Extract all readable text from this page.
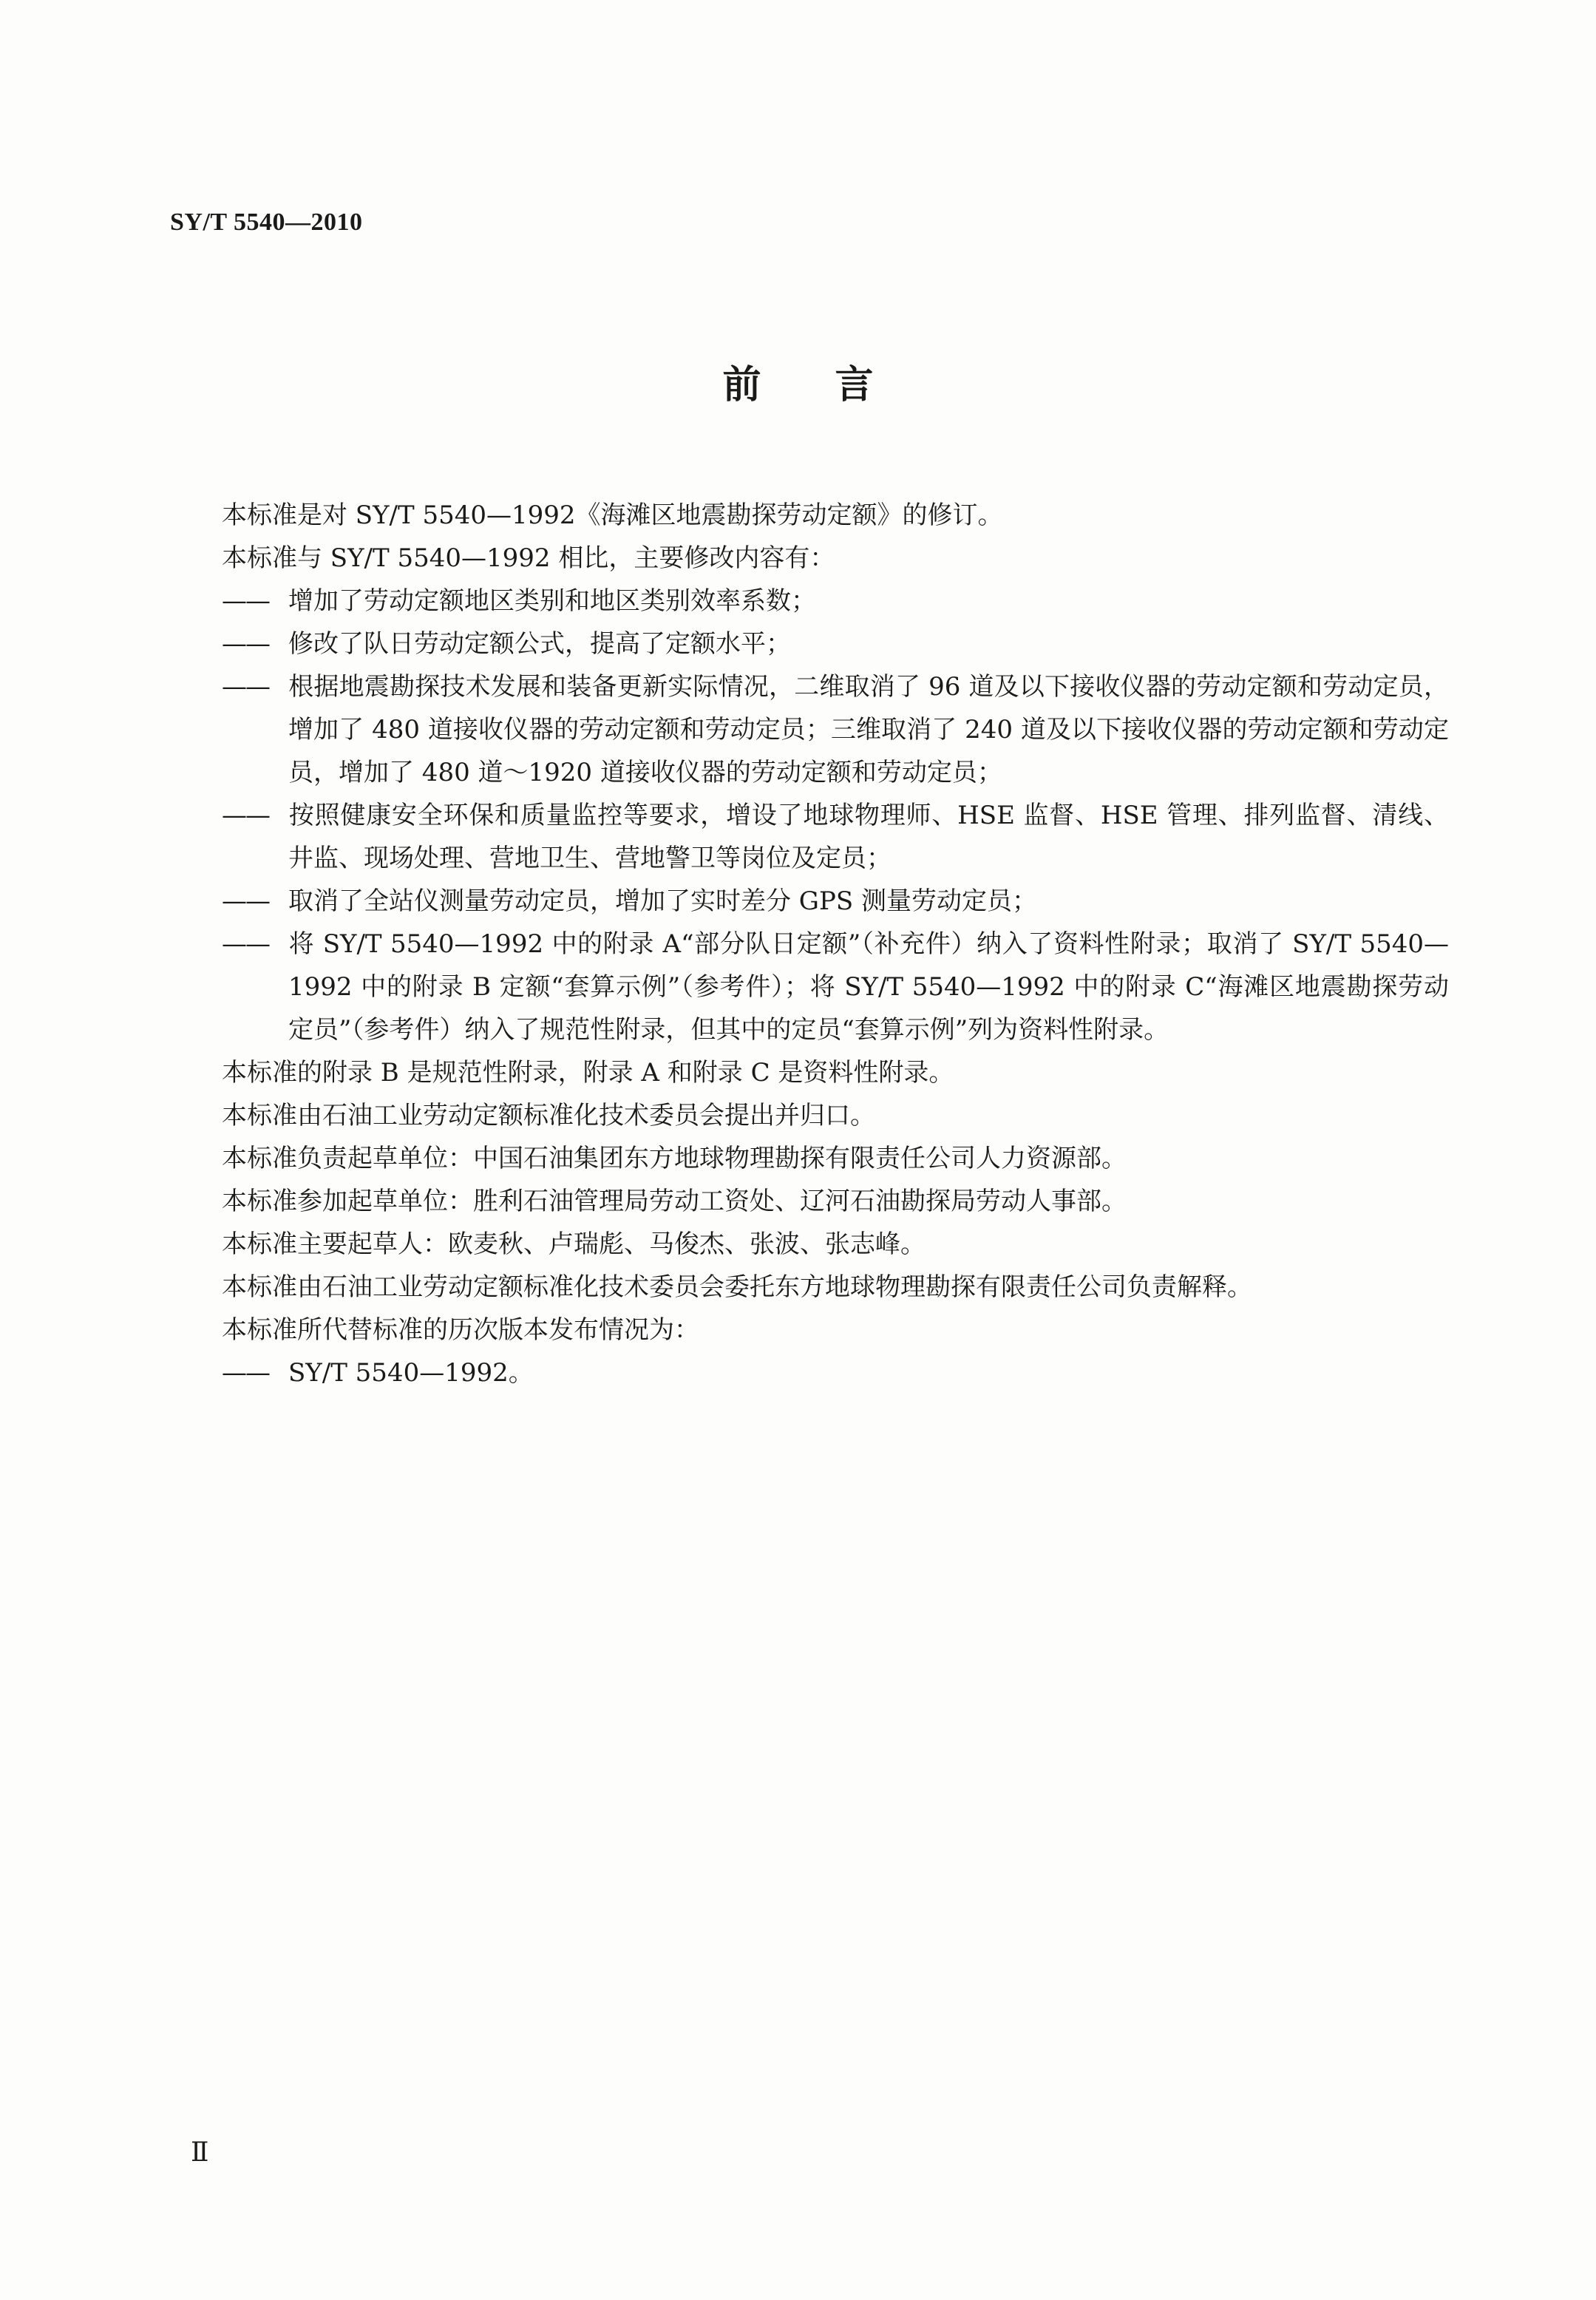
SY/T 5540—2010
前言

本标准是对 SY/T 5540—1992《海滩区地震勘探劳动定额》的修订。

本标准与 SY/T 5540—1992 相比，主要修改内容有：

—— 增加了劳动定额地区类别和地区类别效率系数；

—— 修改了队日劳动定额公式，提高了定额水平；

—— 根据地震勘探技术发展和装备更新实际情况，二维取消了 96 道及以下接收仪器的劳动定额和劳动定员，增加了 480 道接收仪器的劳动定额和劳动定员；三维取消了 240 道及以下接收仪器的劳动定额和劳动定员，增加了 480 道～1920 道接收仪器的劳动定额和劳动定员；

—— 按照健康安全环保和质量监控等要求，增设了地球物理师、HSE 监督、HSE 管理、排列监督、清线、井监、现场处理、营地卫生、营地警卫等岗位及定员；

—— 取消了全站仪测量劳动定员，增加了实时差分 GPS 测量劳动定员；

—— 将 SY/T 5540—1992 中的附录 A“部分队日定额”（补充件）纳入了资料性附录；取消了 SY/T 5540—1992 中的附录 B 定额“套算示例”（参考件）；将 SY/T 5540—1992 中的附录 C“海滩区地震勘探劳动定员”（参考件）纳入了规范性附录，但其中的定员“套算示例”列为资料性附录。

本标准的附录 B 是规范性附录，附录 A 和附录 C 是资料性附录。

本标准由石油工业劳动定额标准化技术委员会提出并归口。

本标准负责起草单位：中国石油集团东方地球物理勘探有限责任公司人力资源部。

本标准参加起草单位：胜利石油管理局劳动工资处、辽河石油勘探局劳动人事部。

本标准主要起草人：欧麦秋、卢瑞彪、马俊杰、张波、张志峰。

本标准由石油工业劳动定额标准化技术委员会委托东方地球物理勘探有限责任公司负责解释。

本标准所代替标准的历次版本发布情况为：

—— SY/T 5540—1992。

Ⅱ
